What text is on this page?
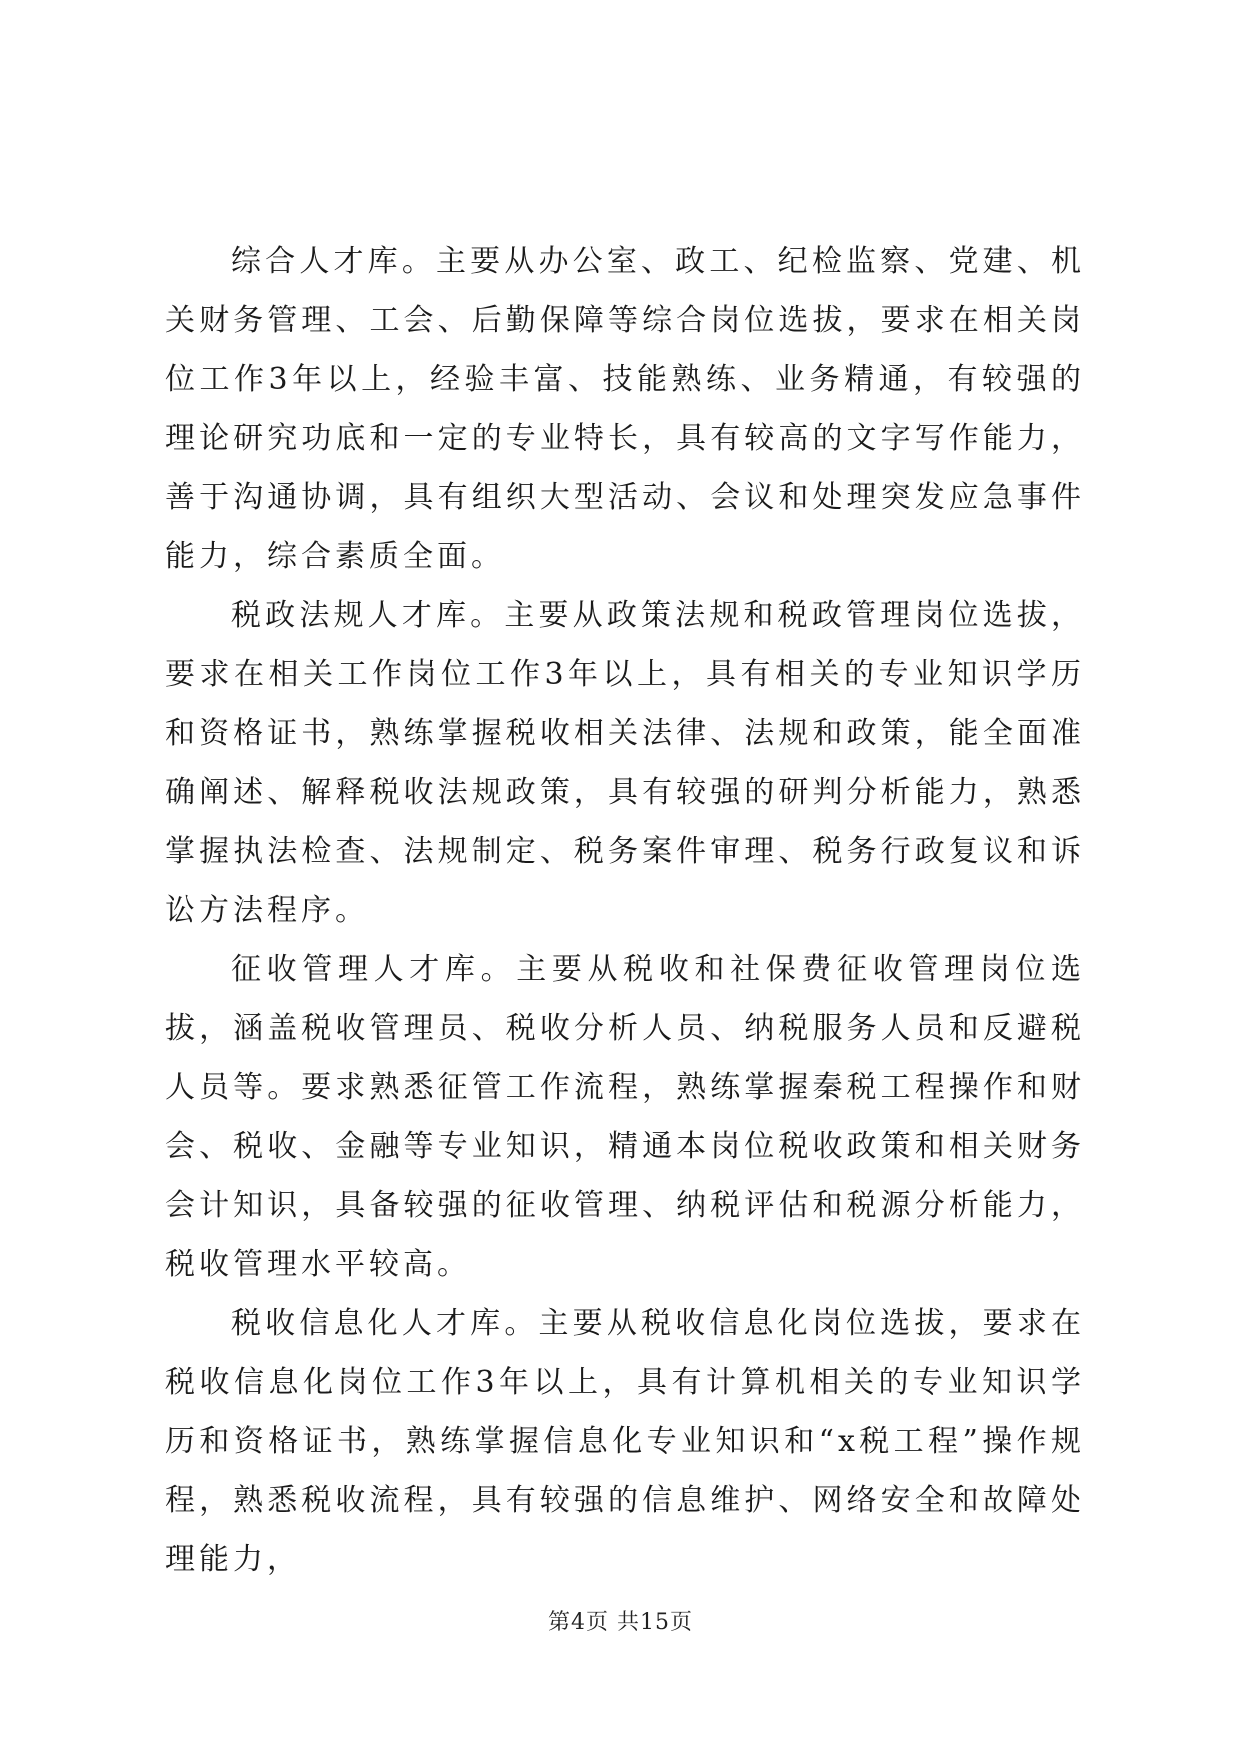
综合人才库。主要从办公室、政工、纪检监察、党建、机关财务管理、工会、后勤保障等综合岗位选拔，要求在相关岗位工作3年以上，经验丰富、技能熟练、业务精通，有较强的理论研究功底和一定的专业特长，具有较高的文字写作能力，善于沟通协调，具有组织大型活动、会议和处理突发应急事件能力，综合素质全面。

税政法规人才库。主要从政策法规和税政管理岗位选拔，要求在相关工作岗位工作3年以上，具有相关的专业知识学历和资格证书，熟练掌握税收相关法律、法规和政策，能全面准确阐述、解释税收法规政策，具有较强的研判分析能力，熟悉掌握执法检查、法规制定、税务案件审理、税务行政复议和诉讼方法程序。

征收管理人才库。主要从税收和社保费征收管理岗位选拔，涵盖税收管理员、税收分析人员、纳税服务人员和反避税人员等。要求熟悉征管工作流程，熟练掌握秦税工程操作和财会、税收、金融等专业知识，精通本岗位税收政策和相关财务会计知识，具备较强的征收管理、纳税评估和税源分析能力，税收管理水平较高。

税收信息化人才库。主要从税收信息化岗位选拔，要求在税收信息化岗位工作3年以上，具有计算机相关的专业知识学历和资格证书，熟练掌握信息化专业知识和“x税工程”操作规程，熟悉税收流程，具有较强的信息维护、网络安全和故障处理能力，

第4页 共15页
